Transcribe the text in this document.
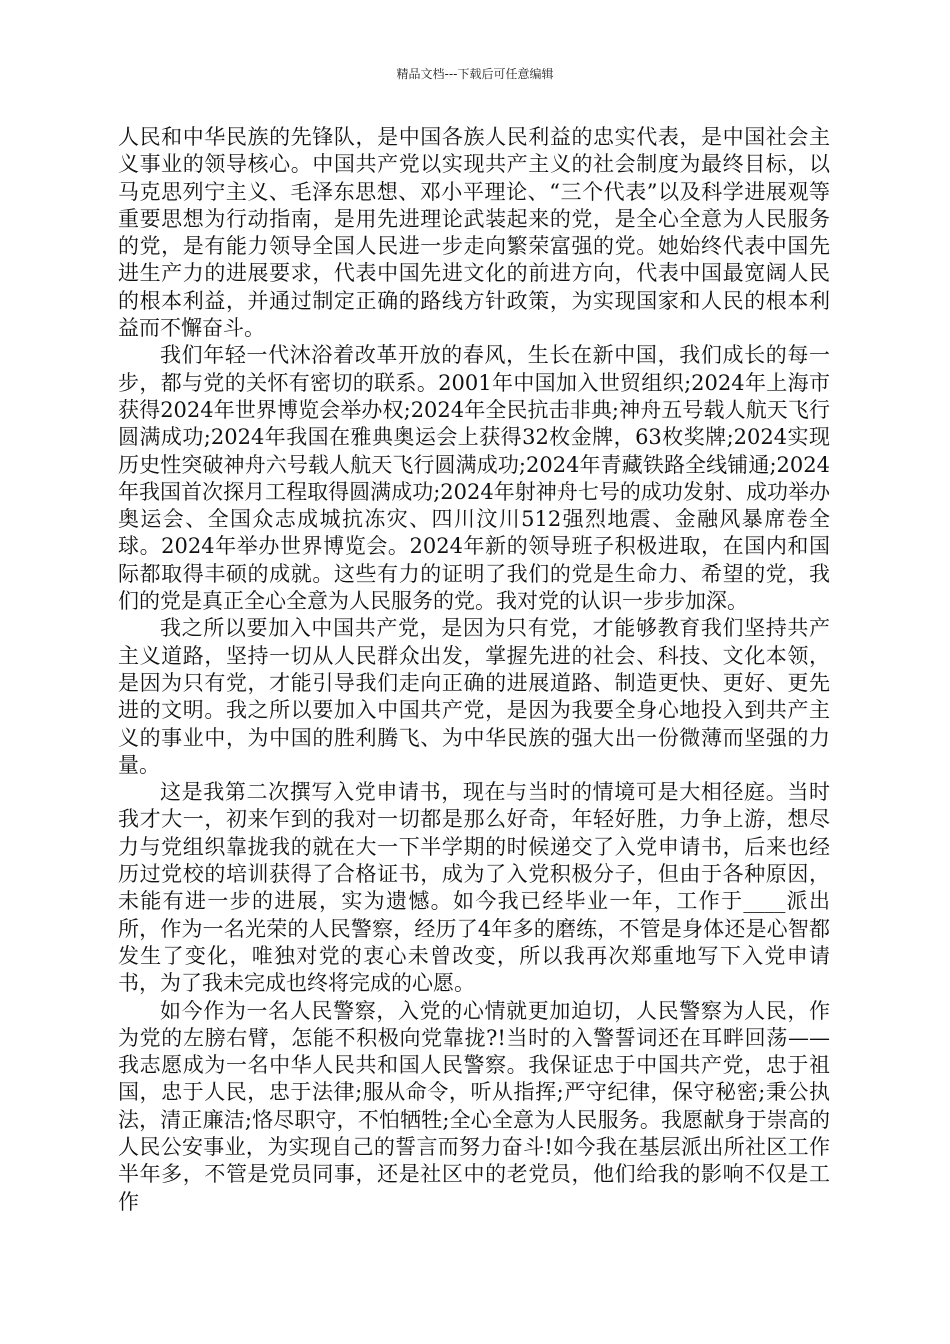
精品文档---下载后可任意编辑

人民和中华民族的先锋队，是中国各族人民利益的忠实代表，是中国社会主义事业的领导核心。中国共产党以实现共产主义的社会制度为最终目标，以马克思列宁主义、毛泽东思想、邓小平理论、“三个代表”以及科学进展观等重要思想为行动指南，是用先进理论武装起来的党，是全心全意为人民服务的党，是有能力领导全国人民进一步走向繁荣富强的党。她始终代表中国先进生产力的进展要求，代表中国先进文化的前进方向，代表中国最宽阔人民的根本利益，并通过制定正确的路线方针政策，为实现国家和人民的根本利益而不懈奋斗。

我们年轻一代沐浴着改革开放的春风，生长在新中国，我们成长的每一步，都与党的关怀有密切的联系。2001年中国加入世贸组织;2024年上海市获得2024年世界博览会举办权;2024年全民抗击非典;神舟五号载人航天飞行圆满成功;2024年我国在雅典奥运会上获得32枚金牌，63枚奖牌;2024实现历史性突破神舟六号载人航天飞行圆满成功;2024年青藏铁路全线铺通;2024年我国首次探月工程取得圆满成功;2024年射神舟七号的成功发射、成功举办奥运会、全国众志成城抗冻灾、四川汶川512强烈地震、金融风暴席卷全球。2024年举办世界博览会。2024年新的领导班子积极进取，在国内和国际都取得丰硕的成就。这些有力的证明了我们的党是生命力、希望的党，我们的党是真正全心全意为人民服务的党。我对党的认识一步步加深。

我之所以要加入中国共产党，是因为只有党，才能够教育我们坚持共产主义道路，坚持一切从人民群众出发，掌握先进的社会、科技、文化本领，是因为只有党，才能引导我们走向正确的进展道路、制造更快、更好、更先进的文明。我之所以要加入中国共产党，是因为我要全身心地投入到共产主义的事业中，为中国的胜利腾飞、为中华民族的强大出一份微薄而坚强的力量。

这是我第二次撰写入党申请书，现在与当时的情境可是大相径庭。当时我才大一，初来乍到的我对一切都是那么好奇，年轻好胜，力争上游，想尽力与党组织靠拢我的就在大一下半学期的时候递交了入党申请书，后来也经历过党校的培训获得了合格证书，成为了入党积极分子，但由于各种原因，未能有进一步的进展，实为遗憾。如今我已经毕业一年，工作于____派出所，作为一名光荣的人民警察，经历了4年多的磨练，不管是身体还是心智都发生了变化，唯独对党的衷心未曾改变，所以我再次郑重地写下入党申请书，为了我未完成也终将完成的心愿。

如今作为一名人民警察，入党的心情就更加迫切，人民警察为人民，作为党的左膀右臂，怎能不积极向党靠拢?!当时的入警誓词还在耳畔回荡——我志愿成为一名中华人民共和国人民警察。我保证忠于中国共产党，忠于祖国，忠于人民，忠于法律;服从命令，听从指挥;严守纪律，保守秘密;秉公执法，清正廉洁;恪尽职守，不怕牺牲;全心全意为人民服务。我愿献身于崇高的人民公安事业，为实现自己的誓言而努力奋斗!如今我在基层派出所社区工作半年多，不管是党员同事，还是社区中的老党员，他们给我的影响不仅是工作
